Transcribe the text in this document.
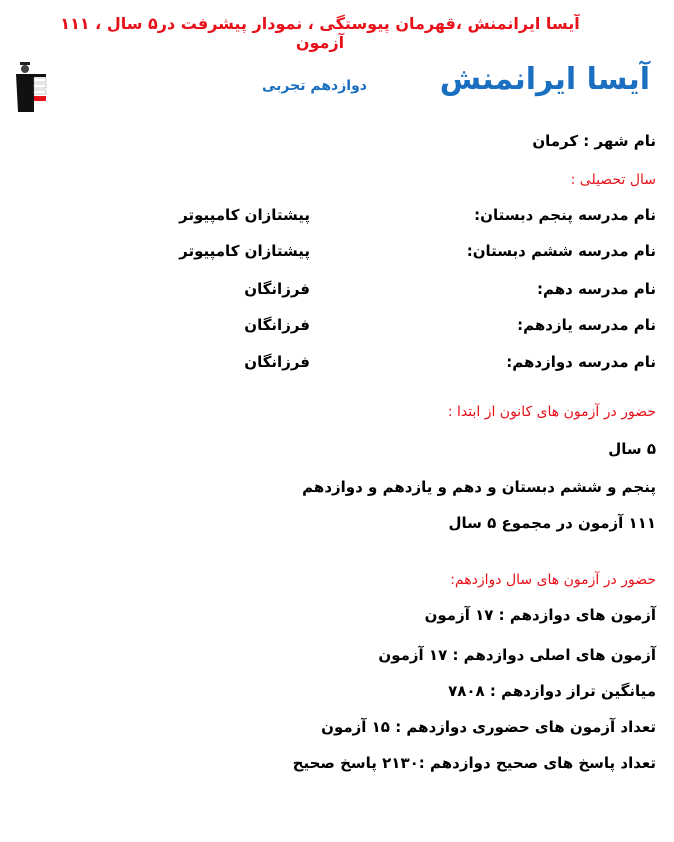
آیسا ایرانمنش ،قهرمان پیوستگی ، نمودار پیشرفت در۵ سال ، ۱۱۱ آزمون
آیسا ایرانمنش
دوازدهم تجربی
نام شهر : کرمان
سال تحصیلی :
نام مدرسه پنجم دبستان:
پیشتازان کامپیوتر
نام مدرسه ششم دبستان:
پیشتازان کامپیوتر
نام مدرسه دهم:
فرزانگان
نام مدرسه یازدهم:
فرزانگان
نام مدرسه دوازدهم:
فرزانگان
حضور در آزمون های کانون از ابتدا :
۵ سال
پنجم و ششم دبستان و دهم و یازدهم و دوازدهم
۱۱۱ آزمون در مجموع ۵ سال
حضور در آزمون های سال دوازدهم:
آزمون های دوازدهم : ۱۷ آزمون
آزمون های اصلی دوازدهم : ۱۷ آزمون
میانگین تراز دوازدهم : ۷۸۰۸
تعداد آزمون های حضوری دوازدهم : ۱۵ آزمون
تعداد پاسخ های صحیح دوازدهم :۲۱۳۰ پاسخ صحیح
